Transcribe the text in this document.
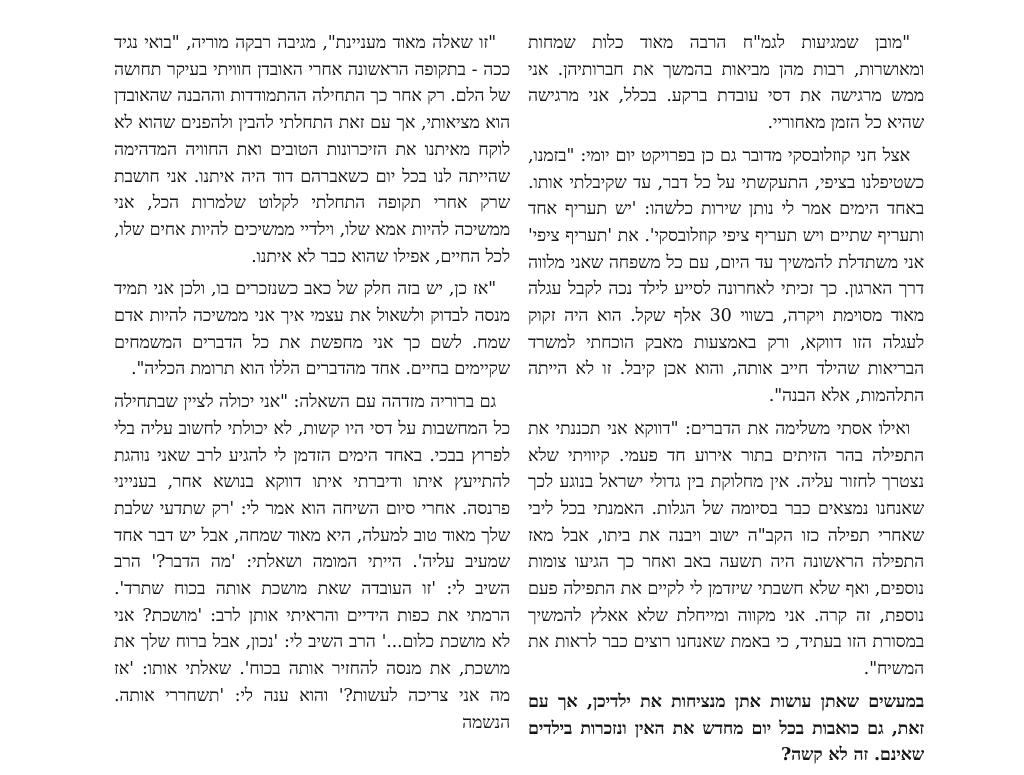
"מובן שמגיעות לגמ"ח הרבה מאוד כלות שמחות ומאושרות, רבות מהן מביאות בהמשך את חברותיהן. אני ממש מרגישה את דסי עובדת ברקע. בכלל, אני מרגישה שהיא כל הזמן מאחוריי.

אצל חני קוזלובסקי מדובר גם כן בפרויקט יום יומי: "בזמנו, כשטיפלנו בציפי, התעקשתי על כל דבר, עד שקיבלתי אותו. באחד הימים אמר לי נותן שירות כלשהו: 'יש תעריף אחד ותעריף שתיים ויש תעריף ציפי קוזלובסקי'. את 'תעריף ציפי' אני משתדלת להמשיך עד היום, עם כל משפחה שאני מלווה דרך הארגון. כך זכיתי לאחרונה לסייע לילד נכה לקבל עגלה מאוד מסוימת ויקרה, בשווי 30 אלף שקל. הוא היה זקוק לעגלה הזו דווקא, ורק באמצעות מאבק הוכחתי למשרד הבריאות שהילד חייב אותה, והוא אכן קיבל. זו לא הייתה התלהמות, אלא הבנה".

ואילו אסתי משלימה את הדברים: "דווקא אני תכננתי את התפילה בהר הזיתים בתור אירוע חד פעמי. קיוויתי שלא נצטרך לחזור עליה. אין מחלוקת בין גדולי ישראל בנוגע לכך שאנחנו נמצאים כבר בסיומה של הגלות. האמנתי בכל ליבי שאחרי תפילה כזו הקב"ה ישוב ויבנה את ביתו, אבל מאז התפילה הראשונה היה תשעה באב ואחר כך הגיעו צומות נוספים, ואף שלא חשבתי שיזדמן לי לקיים את התפילה פעם נוספת, זה קרה. אני מקווה ומייחלת שלא אאלץ להמשיך במסורת הזו בעתיד, כי באמת שאנחנו רוצים כבר לראות את המשיח".

במעשים שאתן עושות אתן מנציחות את ילדיכן, אך עם זאת, גם כואבות בכל יום מחדש את האין ונזכרות בילדים שאינם. זה לא קשה?

"זו שאלה מאוד מעניינת", מגיבה רבקה מוריה, "בואי נגיד ככה - בתקופה הראשונה אחרי האובדן חוויתי בעיקר תחושה של הלם. רק אחר כך התחילה ההתמודדות וההבנה שהאובדן הוא מציאותי, אך עם זאת התחלתי להבין ולהפנים שהוא לא לוקח מאיתנו את הזיכרונות הטובים ואת החוויה המדהימה שהייתה לנו בכל יום כשאברהם דוד היה איתנו. אני חושבת שרק אחרי תקופה התחלתי לקלוט שלמרות הכל, אני ממשיכה להיות אמא שלו, וילדיי ממשיכים להיות אחים שלו, לכל החיים, אפילו שהוא כבר לא איתנו.

"אז כן, יש בזה חלק של כאב כשנזכרים בו, ולכן אני תמיד מנסה לבדוק ולשאול את עצמי איך אני ממשיכה להיות אדם שמח. לשם כך אני מחפשת את כל הדברים המשמחים שקיימים בחיים. אחד מהדברים הללו הוא תרומת הכליה".

גם ברוריה מזדהה עם השאלה: "אני יכולה לציין שבתחילה כל המחשבות על דסי היו קשות, לא יכולתי לחשוב עליה בלי לפרוץ בבכי. באחד הימים הזדמן לי להגיע לרב שאני נוהגת להתייעץ איתו ודיברתי איתו דווקא בנושא אחר, בענייני פרנסה. אחרי סיום השיחה הוא אמר לי: 'רק שתדעי שלבת שלך מאוד טוב למעלה, היא מאוד שמחה, אבל יש דבר אחד שמעיב עליה'. הייתי המומה ושאלתי: 'מה הדבר?' הרב השיב לי: 'זו העובדה שאת מושכת אותה בכוח שתרד'. הרמתי את כפות הידיים והראיתי אותן לרב: 'מושכת? אני לא מושכת כלום...' הרב השיב לי: 'נכון, אבל ברוח שלך את מושכת, את מנסה להחזיר אותה בכוח'. שאלתי אותו: 'אז מה אני צריכה לעשות?' והוא ענה לי: 'תשחררי אותה. הנשמה
